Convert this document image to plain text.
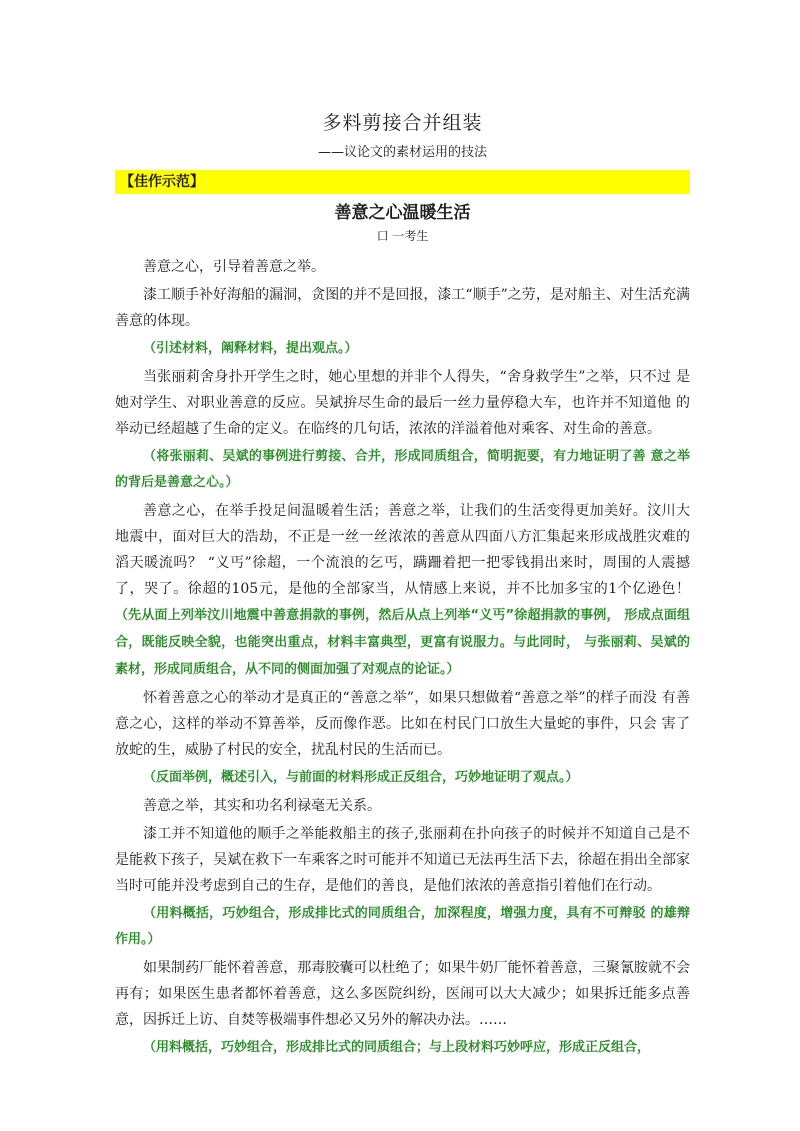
多料剪接合并组装
——议论文的素材运用的技法
【佳作示范】
善意之心温暖生活
口 一考生

善意之心，引导着善意之举。

漆工顺手补好海船的漏洞，贪图的并不是回报，漆工“顺手”之劳，是对船主、对生活充满善意的体现。

（引述材料，阐释材料，提出观点。）

当张丽莉舍身扑开学生之时，她心里想的并非个人得失，“舍身救学生”之举，只不过 是她对学生、对职业善意的反应。吴斌拚尽生命的最后一丝力量停稳大车，也许并不知道他 的举动已经超越了生命的定义。在临终的几句话，浓浓的洋溢着他对乘客、对生命的善意。

（将张丽莉、吴斌的事例进行剪接、合并，形成同质组合，简明扼要，有力地证明了善 意之举的背后是善意之心。）

善意之心，在举手投足间温暖着生活；善意之举，让我们的生活变得更加美好。汶川大 地震中，面对巨大的浩劫，不正是一丝一丝浓浓的善意从四面八方汇集起来形成战胜灾难的 滔天暖流吗？ “义丐”徐超，一个流浪的乞丐，蹒跚着把一把零钱捐出来时，周围的人震撼 了，哭了。徐超的105元，是他的全部家当，从情感上来说，并不比加多宝的1个亿逊色！（先从面上列举汶川地震中善意捐款的事例，然后从点上列举“义丐”徐超捐款的事例， 形成点面组合，既能反映全貌，也能突出重点，材料丰富典型，更富有说服力。与此同时， 与张丽莉、吴斌的素材，形成同质组合，从不同的侧面加强了对观点的论证。）

怀着善意之心的举动才是真正的“善意之举”，如果只想做着“善意之举”的样子而没 有善意之心，这样的举动不算善举，反而像作恶。比如在村民门口放生大量蛇的事件，只会 害了放蛇的生，威胁了村民的安全，扰乱村民的生活而已。

（反面举例，概述引入，与前面的材料形成正反组合，巧妙地证明了观点。）

善意之举，其实和功名利禄毫无关系。

漆工并不知道他的顺手之举能救船主的孩子,张丽莉在扑向孩子的时候并不知道自己是不是能救下孩子，吴斌在救下一车乘客之时可能并不知道已无法再生活下去，徐超在捐出全部家当时可能并没考虑到自己的生存，是他们的善良，是他们浓浓的善意指引着他们在行动。

（用料概括，巧妙组合，形成排比式的同质组合，加深程度，增强力度，具有不可辩驳 的雄辩作用。）

如果制药厂能怀着善意，那毒胶囊可以杜绝了；如果牛奶厂能怀着善意，三聚氰胺就不会再有；如果医生患者都怀着善意，这么多医院纠纷，医闹可以大大减少；如果拆迁能多点善意，因拆迁上访、自焚等极端事件想必又另外的解决办法。……

（用料概括，巧妙组合，形成排比式的同质组合；与上段材料巧妙呼应，形成正反组合，
